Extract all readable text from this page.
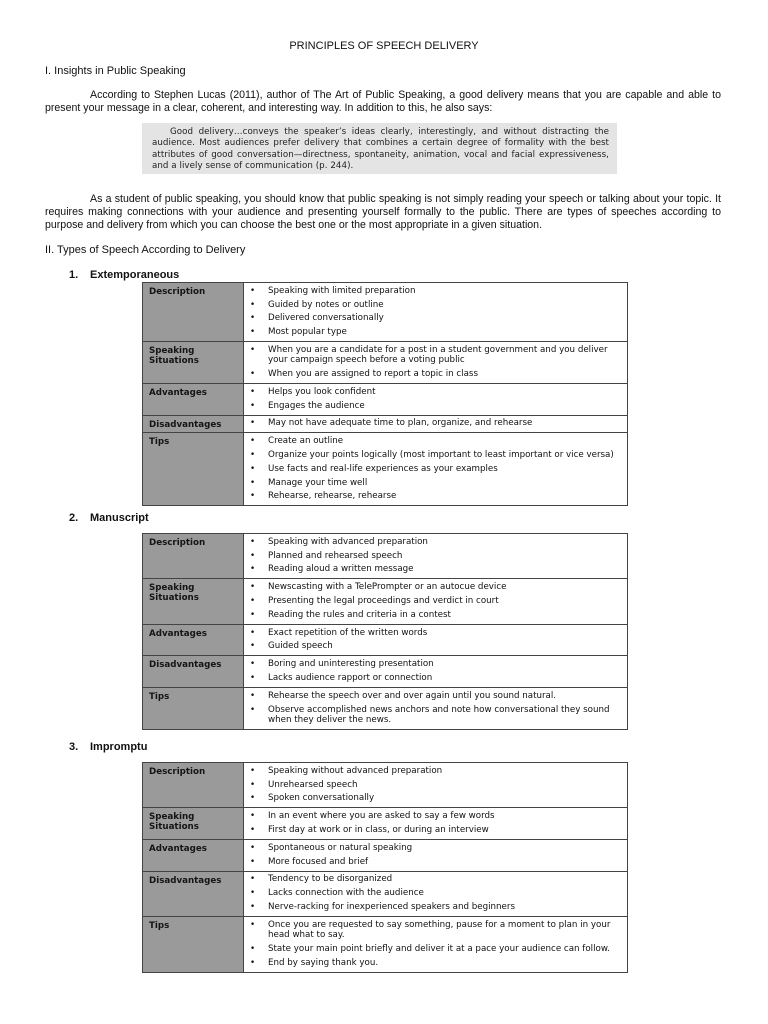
PRINCIPLES OF SPEECH DELIVERY
I. Insights in Public Speaking
According to Stephen Lucas (2011), author of The Art of Public Speaking, a good delivery means that you are capable and able to present your message in a clear, coherent, and interesting way. In addition to this, he also says:
Good delivery…conveys the speaker’s ideas clearly, interestingly, and without distracting the audience. Most audiences prefer delivery that combines a certain degree of formality with the best attributes of good conversation—directness, spontaneity, animation, vocal and facial expressiveness, and a lively sense of communication (p. 244).
As a student of public speaking, you should know that public speaking is not simply reading your speech or talking about your topic. It requires making connections with your audience and presenting yourself formally to the public. There are types of speeches according to purpose and delivery from which you can choose the best one or the most appropriate in a given situation.
II. Types of Speech According to Delivery
1. Extemporaneous
Description	• Speaking with limited preparation
• Guided by notes or outline
• Delivered conversationally
• Most popular type

Speaking Situations	• When you are a candidate for a post in a student government and you deliver your campaign speech before a voting public
• When you are assigned to report a topic in class

Advantages	• Helps you look confident
• Engages the audience

Disadvantages	• May not have adequate time to plan, organize, and rehearse

Tips	• Create an outline
• Organize your points logically (most important to least important or vice versa)
• Use facts and real-life experiences as your examples
• Manage your time well
• Rehearse, rehearse, rehearse
2. Manuscript
Description	• Speaking with advanced preparation
• Planned and rehearsed speech
• Reading aloud a written message

Speaking Situations	• Newscasting with a TelePrompter or an autocue device
• Presenting the legal proceedings and verdict in court
• Reading the rules and criteria in a contest

Advantages	• Exact repetition of the written words
• Guided speech

Disadvantages	• Boring and uninteresting presentation
• Lacks audience rapport or connection

Tips	• Rehearse the speech over and over again until you sound natural.
• Observe accomplished news anchors and note how conversational they sound when they deliver the news.
3. Impromptu
Description	• Speaking without advanced preparation
• Unrehearsed speech
• Spoken conversationally

Speaking Situations	• In an event where you are asked to say a few words
• First day at work or in class, or during an interview

Advantages	• Spontaneous or natural speaking
• More focused and brief

Disadvantages	• Tendency to be disorganized
• Lacks connection with the audience
• Nerve-racking for inexperienced speakers and beginners

Tips	• Once you are requested to say something, pause for a moment to plan in your head what to say.
• State your main point briefly and deliver it at a pace your audience can follow.
• End by saying thank you.
